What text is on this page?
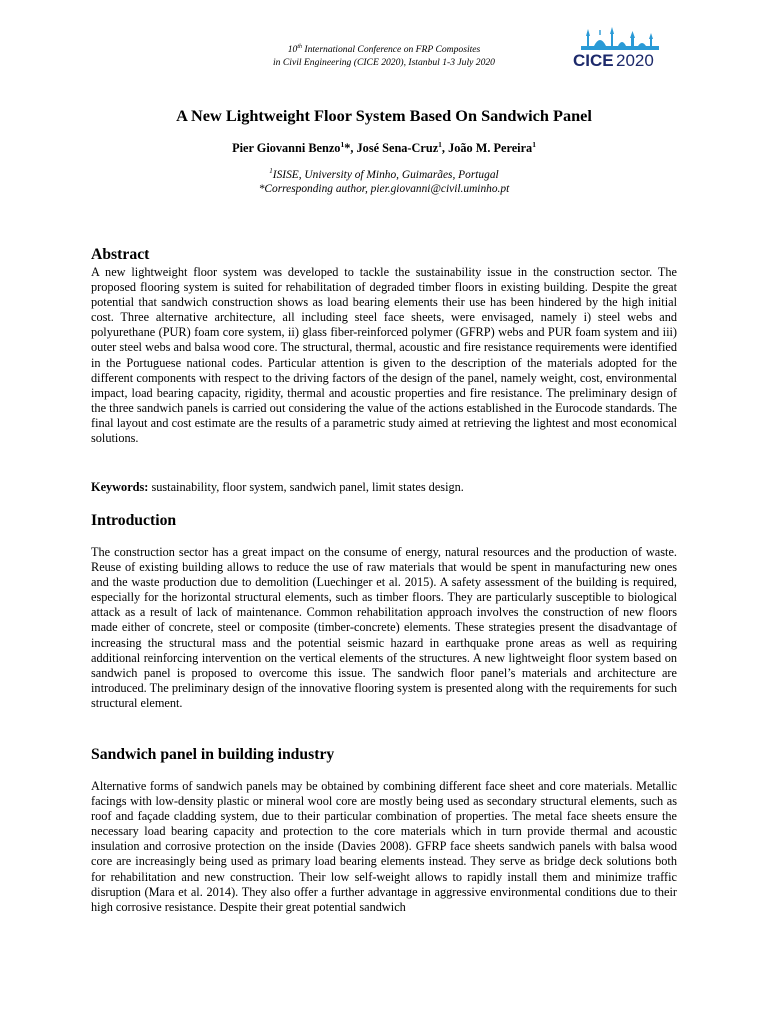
10th International Conference on FRP Composites
in Civil Engineering (CICE 2020), Istanbul 1-3 July 2020	CICE 2020
A New Lightweight Floor System Based On Sandwich Panel

Pier Giovanni Benzo$^1$*, José Sena-Cruz$^1$, João M. Pereira$^1$

$^1$ISISE, University of Minho, Guimarães, Portugal
*Corresponding author, pier.giovanni@civil.uminho.pt
Abstract

A new lightweight floor system was developed to tackle the sustainability issue in the construction sector. The proposed flooring system is suited for rehabilitation of degraded timber floors in existing building. Despite the great potential that sandwich construction shows as load bearing elements their use has been hindered by the high initial cost. Three alternative architecture, all including steel face sheets, were envisaged, namely i) steel webs and polyurethane (PUR) foam core system, ii) glass fiber-reinforced polymer (GFRP) webs and PUR foam system and iii) outer steel webs and balsa wood core. The structural, thermal, acoustic and fire resistance requirements were identified in the Portuguese national codes. Particular attention is given to the description of the materials adopted for the different components with respect to the driving factors of the design of the panel, namely weight, cost, environmental impact, load bearing capacity, rigidity, thermal and acoustic properties and fire resistance. The preliminary design of the three sandwich panels is carried out considering the value of the actions established in the Eurocode standards. The final layout and cost estimate are the results of a parametric study aimed at retrieving the lightest and most economical solutions.

Keywords: sustainability, floor system, sandwich panel, limit states design.

Introduction

The construction sector has a great impact on the consume of energy, natural resources and the production of waste. Reuse of existing building allows to reduce the use of raw materials that would be spent in manufacturing new ones and the waste production due to demolition (Luechinger et al. 2015). A safety assessment of the building is required, especially for the horizontal structural elements, such as timber floors. They are particularly susceptible to biological attack as a result of lack of maintenance. Common rehabilitation approach involves the construction of new floors made either of concrete, steel or composite (timber-concrete) elements. These strategies present the disadvantage of increasing the structural mass and the potential seismic hazard in earthquake prone areas as well as requiring additional reinforcing intervention on the vertical elements of the structures. A new lightweight floor system based on sandwich panel is proposed to overcome this issue. The sandwich floor panel’s materials and architecture are introduced. The preliminary design of the innovative flooring system is presented along with the requirements for such structural element.

Sandwich panel in building industry

Alternative forms of sandwich panels may be obtained by combining different face sheet and core materials. Metallic facings with low-density plastic or mineral wool core are mostly being used as secondary structural elements, such as roof and façade cladding system, due to their particular combination of properties. The metal face sheets ensure the necessary load bearing capacity and protection to the core materials which in turn provide thermal and acoustic insulation and corrosive protection on the inside (Davies 2008). GFRP face sheets sandwich panels with balsa wood core are increasingly being used as primary load bearing elements instead. They serve as bridge deck solutions both for rehabilitation and new construction. Their low self-weight allows to rapidly install them and minimize traffic disruption (Mara et al. 2014). They also offer a further advantage in aggressive environmental conditions due to their high corrosive resistance. Despite their great potential sandwich
